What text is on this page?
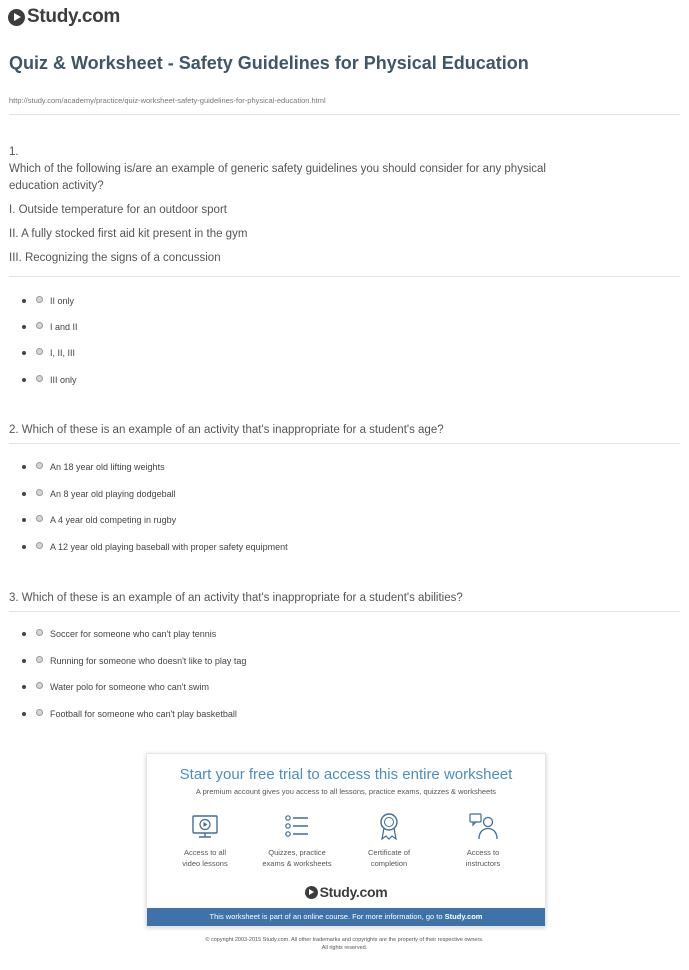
Study.com
Quiz & Worksheet - Safety Guidelines for Physical Education
http://study.com/academy/practice/quiz-worksheet-safety-guidelines-for-physical-education.html
1.
Which of the following is/are an example of generic safety guidelines you should consider for any physical education activity?
I. Outside temperature for an outdoor sport
II. A fully stocked first aid kit present in the gym
III. Recognizing the signs of a concussion
II only
I and II
I, II, III
III only
2. Which of these is an example of an activity that's inappropriate for a student's age?
An 18 year old lifting weights
An 8 year old playing dodgeball
A 4 year old competing in rugby
A 12 year old playing baseball with proper safety equipment
3. Which of these is an example of an activity that's inappropriate for a student's abilities?
Soccer for someone who can't play tennis
Running for someone who doesn't like to play tag
Water polo for someone who can't swim
Football for someone who can't play basketball
Start your free trial to access this entire worksheet
A premium account gives you access to all lessons, practice exams, quizzes & worksheets
Access to all
video lessons
Quizzes, practice
exams & worksheets
Certificate of
completion
Access to
instructors
Study.com
This worksheet is part of an online course. For more information, go to Study.com
© copyright 2003-2015 Study.com. All other trademarks and copyrights are the property of their respective owners.
All rights reserved.
